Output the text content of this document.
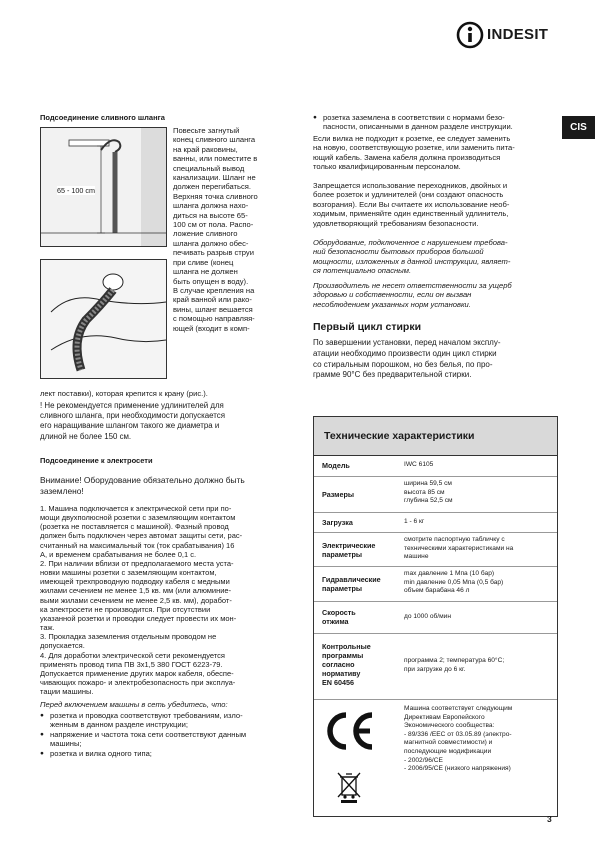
INDESIT
CIS
Подсоединение сливного шланга
65 - 100 cm
Повесьте загнутый
конец сливного шланга
на край раковины,
ванны, или поместите в
специальный вывод
канализации. Шланг не
должен перегибаться.
Верхняя точка сливного
шланга должна нахо-
диться на высоте 65-
100 см от пола. Распо-
ложение сливного
шланга должно обес-
печивать разрыв струи
при сливе (конец
шланга не должен
быть опущен в воду).
В случае крепления на
край ванной или рако-
вины, шланг вешается
с помощью направляя-
ющей (входит в комп-
лект поставки), которая крепится к крану (рис.).
! Не рекомендуется применение удлинителей для
сливного шланга, при необходимости допускается
его наращивание шлангом такого же диаметра и
длиной не более 150 см.
Подсоединение к электросети
Внимание! Оборудование обязательно должно быть
заземлено!
1. Машина подключается к электрической сети при по-
мощи двухполюсной розетки с заземляющим контактом
(розетка не поставляется с машиной). Фазный провод
должен быть подключен через автомат защиты сети, рас-
считанный на максимальный ток (ток срабатывания) 16
А, и временем срабатывания не более 0,1 с.
2. При наличии вблизи от предполагаемого места уста-
новки машины розетки с заземляющим контактом,
имеющей трехпроводную подводку кабеля с медными
жилами сечением не менее 1,5 кв. мм (или алюминие-
выми жилами сечением не менее 2,5 кв. мм), доработ-
ка электросети не производится. При отсутствии
указанной розетки и проводки следует провести их мон-
таж.
3. Прокладка заземления отдельным проводом не
допускается.
4. Для доработки электрической сети рекомендуется
применять провод типа ПВ 3х1,5 380 ГОСТ 6223-79.
Допускается применение других марок кабеля, обеспе-
чивающих пожаро- и электробезопасность при эксплуа-
тации машины.
Перед включением машины в сеть убедитесь, что:
● розетка и проводка соответствуют требованиям, изло-
женным в данном разделе инструкции;
● напряжение и частота тока сети соответствуют данным
машины;
● розетка и вилка одного типа;
● розетка заземлена в соответствии с нормами безо-
пасности, описанными в данном разделе инструкции.
Если вилка не подходит к розетке, ее следует заменить
на новую, соответствующую розетке, или заменить пита-
ющий кабель. Замена кабеля должна производиться
только квалифицированным персоналом.
Запрещается использование переходников, двойных и
более розеток и удлинителей (они создают опасность
возгорания). Если Вы считаете их использование необ-
ходимым, применяйте один единственный удлинитель,
удовлетворяющий требованиям безопасности.
Оборудование, подключенное с нарушением требова-
ний безопасности бытовых приборов большой
мощности, изложенных в данной инструкции, являет-
ся потенциально опасным.
Производитель не несет ответственности за ущерб
здоровью и собственности, если он вызван
несоблюдением указанных норм установки.
Первый цикл стирки
По завершении установки, перед началом эксплу-
атации необходимо произвести один цикл стирки
со стиральным порошком, но без белья, по про-
грамме 90°C без предварительной стирки.
Технические характеристики
Модель	IWC 6105
Размеры
ширина 59,5 см
высота 85 см
глубина 52,5 см
Загрузка	1 - 6 кг
Электрические
параметры
смотрите паспортную табличку с
техническими характеристиками на
машине
Гидравлические
параметры
max давление 1 Мпа (10 бар)
min давление 0,05 Мпа (0,5 бар)
объем барабана 46 л
Скорость
отжима
до 1000 об/мин
Контрольные
программы
согласно
нормативу
EN 60456
программа 2; температура 60°С;
при загрузке до 6 кг.
Машина соответствует следующим
Директивам Европейского
Экономического сообщества:
- 89/336 /ЕЕС от 03.05.89 (электро-
магнитной совместимости) и
последующие модификации
- 2002/96/CE
- 2006/95/CE (низкого напряжения)
3
